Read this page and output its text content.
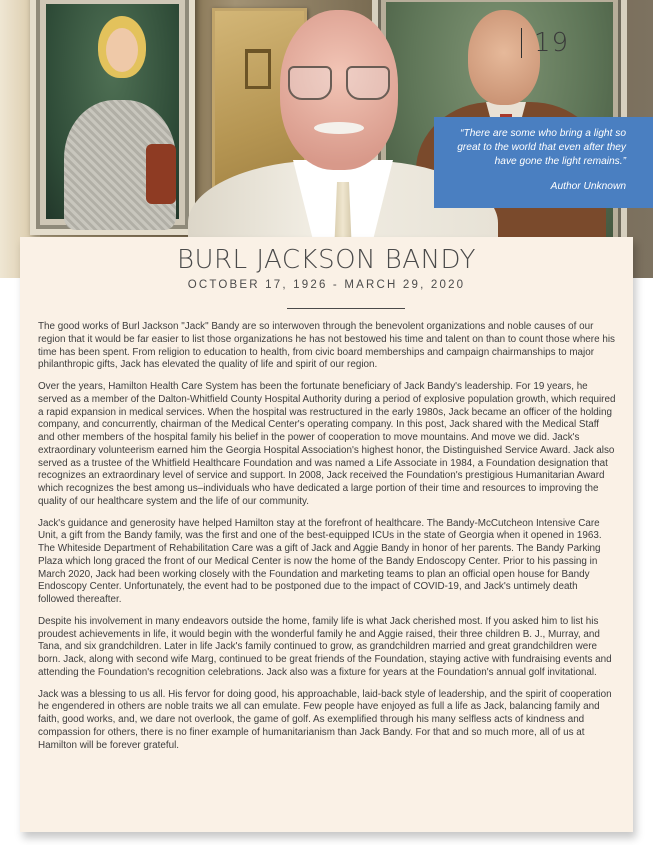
19
“There are some who bring a light so great to the world that even after they have gone the light remains.”
Author Unknown
BURL JACKSON BANDY
OCTOBER 17, 1926 - MARCH 29, 2020

The good works of Burl Jackson "Jack" Bandy are so interwoven through the benevolent organizations and noble causes of our region that it would be far easier to list those organizations he has not bestowed his time and talent on than to count those where his time has been spent. From religion to education to health, from civic board memberships and campaign chairmanships to major philanthropic gifts, Jack has elevated the quality of life and spirit of our region.

Over the years, Hamilton Health Care System has been the fortunate beneficiary of Jack Bandy's leadership. For 19 years, he served as a member of the Dalton-Whitfield County Hospital Authority during a period of explosive population growth, which required a rapid expansion in medical services. When the hospital was restructured in the early 1980s, Jack became an officer of the holding company, and concurrently, chairman of the Medical Center's operating company. In this post, Jack shared with the Medical Staff and other members of the hospital family his belief in the power of cooperation to move mountains. And move we did. Jack's extraordinary volunteerism earned him the Georgia Hospital Association's highest honor, the Distinguished Service Award. Jack also served as a trustee of the Whitfield Healthcare Foundation and was named a Life Associate in 1984, a Foundation designation that recognizes an extraordinary level of service and support. In 2008, Jack received the Foundation's prestigious Humanitarian Award which recognizes the best among us–individuals who have dedicated a large portion of their time and resources to improving the quality of our healthcare system and the life of our community.

Jack's guidance and generosity have helped Hamilton stay at the forefront of healthcare. The Bandy-McCutcheon Intensive Care Unit, a gift from the Bandy family, was the first and one of the best-equipped ICUs in the state of Georgia when it opened in 1963. The Whiteside Department of Rehabilitation Care was a gift of Jack and Aggie Bandy in honor of her parents. The Bandy Parking Plaza which long graced the front of our Medical Center is now the home of the Bandy Endoscopy Center. Prior to his passing in March 2020, Jack had been working closely with the Foundation and marketing teams to plan an official open house for Bandy Endoscopy Center. Unfortunately, the event had to be postponed due to the impact of COVID-19, and Jack's untimely death followed thereafter.

Despite his involvement in many endeavors outside the home, family life is what Jack cherished most. If you asked him to list his proudest achievements in life, it would begin with the wonderful family he and Aggie raised, their three children B. J., Murray, and Tana, and six grandchildren. Later in life Jack's family continued to grow, as grandchildren married and great grandchildren were born. Jack, along with second wife Marg, continued to be great friends of the Foundation, staying active with fundraising events and attending the Foundation's recognition celebrations. Jack also was a fixture for years at the Foundation's annual golf invitational.

Jack was a blessing to us all. His fervor for doing good, his approachable, laid-back style of leadership, and the spirit of cooperation he engendered in others are noble traits we all can emulate. Few people have enjoyed as full a life as Jack, balancing family and faith, good works, and, we dare not overlook, the game of golf. As exemplified through his many selfless acts of kindness and compassion for others, there is no finer example of humanitarianism than Jack Bandy. For that and so much more, all of us at Hamilton will be forever grateful.
